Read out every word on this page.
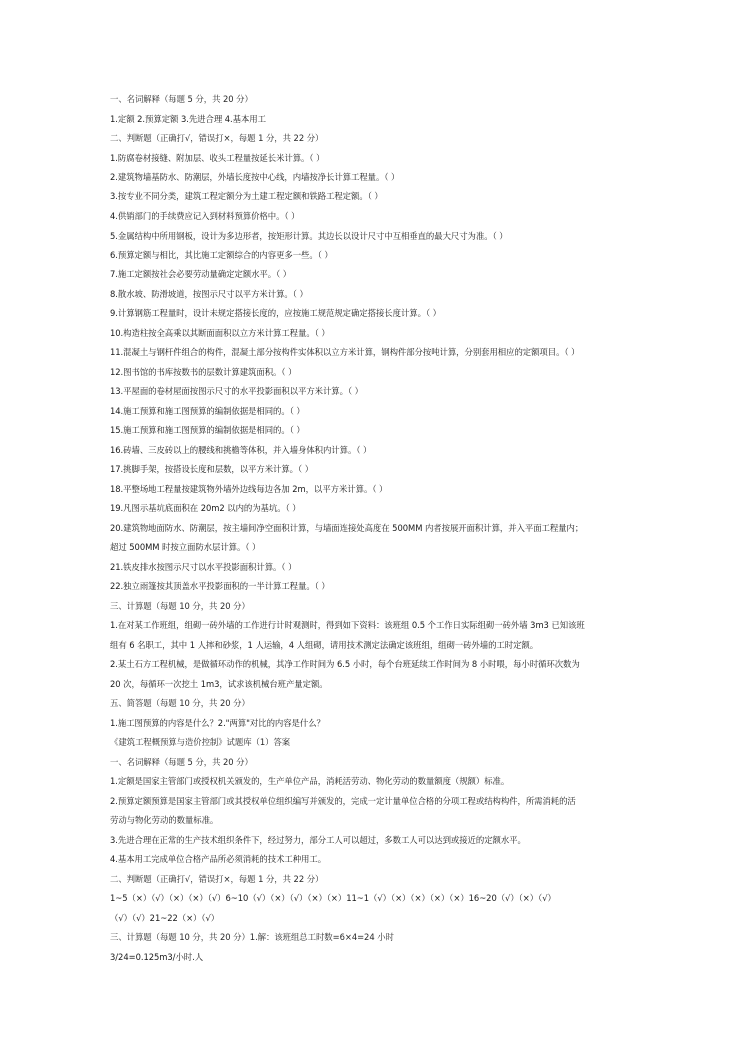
一、名词解释（每题 5 分，共 20 分）
1.定额 2.预算定额 3.先进合理 4.基本用工
二、判断题（正确打√，错误打×，每题 1 分，共 22 分）
1.防腐卷材接缝、附加层、收头工程量按延长米计算。（ ）
2.建筑物墙基防水、防潮层，外墙长度按中心线，内墙按净长计算工程量。（ ）
3.按专业不同分类，建筑工程定额分为土建工程定额和铁路工程定额。（ ）
4.供销部门的手续费应记入到材料预算价格中。（ ）
5.金属结构中所用钢板，设计为多边形者，按矩形计算。其边长以设计尺寸中互相垂直的最大尺寸为准。（ ）
6.预算定额与相比，其比施工定额综合的内容更多一些。（ ）
7.施工定额按社会必要劳动量确定定额水平。（ ）
8.散水坡、防滑坡道，按图示尺寸以平方米计算。（ ）
9.计算钢筋工程量时，设计未规定搭接长度的，应按施工规范规定确定搭接长度计算。（ ）
10.构造柱按全高乘以其断面面积以立方米计算工程量。（ ）
11.混凝土与钢杆件组合的构件，混凝土部分按构件实体积以立方米计算，钢构件部分按吨计算，分别套用相应的定额项目。（ ）
12.图书馆的书库按数书的层数计算建筑面积。（ ）
13.平屋面的卷材屋面按图示尺寸的水平投影面积以平方米计算。（ ）
14.施工预算和施工图预算的编制依据是相同的。（ ）
15.施工预算和施工图预算的编制依据是相同的。（ ）
16.砖墙、三皮砖以上的腰线和挑檐等体积，并入墙身体积内计算。（ ）
17.挑脚手架，按搭设长度和层数，以平方米计算。（ ）
18.平整场地工程量按建筑物外墙外边线每边各加 2m，以平方米计算。（ ）
19.凡图示基坑底面积在 20m2 以内的为基坑。（ ）
20.建筑物地面防水、防潮层，按主墙间净空面积计算，与墙面连接处高度在 500MM 内者按展开面积计算，并入平面工程量内；
超过 500MM 时按立面防水层计算。（ ）
21.铁皮排水按图示尺寸以水平投影面积计算。（ ）
22.独立雨篷按其顶盖水平投影面积的一半计算工程量。（ ）
三、计算题（每题 10 分，共 20 分）
1.在对某工作班组，组砌一砖外墙的工作进行计时观测时，得到如下资料：该班组 0.5 个工作日实际组砌一砖外墙 3m3 已知该班
组有 6 名职工，其中 1 人摔和砂浆，1 人运输，4 人组砌，请用技术测定法确定该班组，组砌一砖外墙的工时定额。
2.某土石方工程机械，是做循环动作的机械，其净工作时间为 6.5 小时，每个台班延续工作时间为 8 小时喂，每小时循环次数为
20 次，每循环一次挖土 1m3，试求该机械台班产量定额。
五、简答题（每题 10 分，共 20 分）
1.施工图预算的内容是什么？2."两算"对比的内容是什么？
《建筑工程概预算与造价控制》试题库（1）答案
一、名词解释（每题 5 分，共 20 分）
1.定额是国家主管部门或授权机关颁发的，生产单位产品，消耗活劳动、物化劳动的数量额度（规额）标准。
2.预算定额预算是国家主管部门或其授权单位组织编写并颁发的，完成一定计量单位合格的分项工程或结构构件，所需消耗的活
劳动与物化劳动的数量标准。
3.先进合理在正常的生产技术组织条件下，经过努力，部分工人可以超过，多数工人可以达到或接近的定额水平。
4.基本用工完成单位合格产品所必须消耗的技术工种用工。
二、判断题（正确打√，错误打×，每题 1 分，共 22 分）
1~5（×）（√）（×）（×）（√）6~10（√）（×）（√）（×）（×）11~1（√）（×）（×）（×）（×）16~20（√）（×）（√）
（√）（√）21~22（×）（√）
三、计算题（每题 10 分，共 20 分）1.解：该班组总工时数=6×4=24 小时
3/24=0.125m3/小时.人
